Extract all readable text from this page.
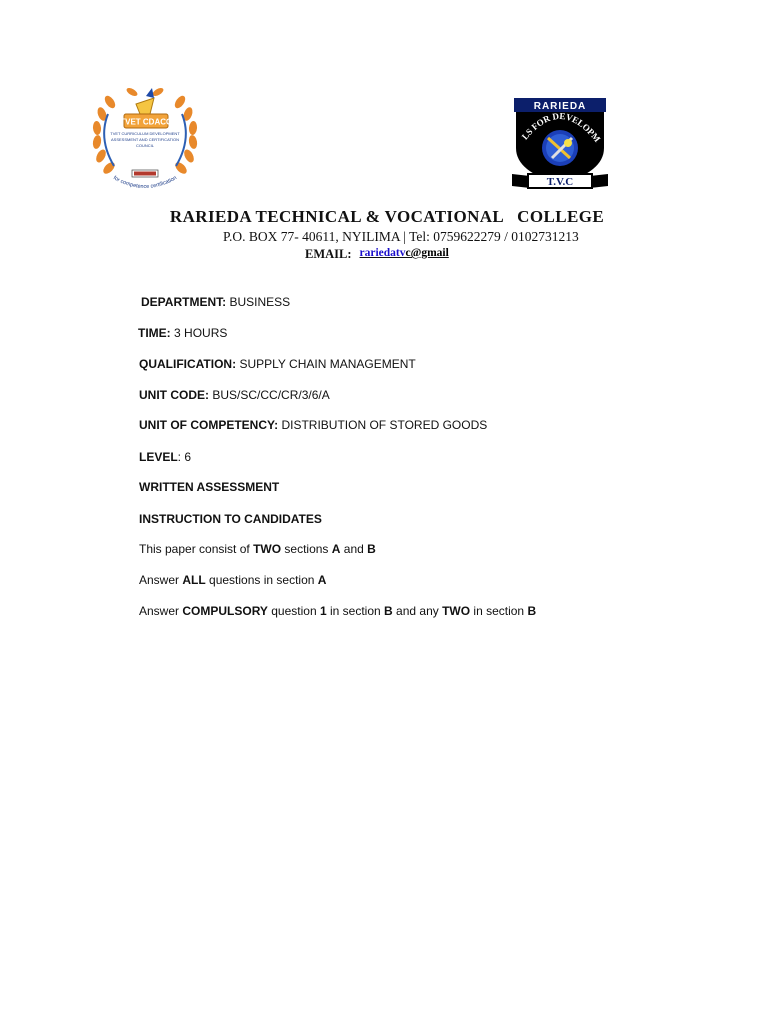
TVET CDACC
TVET CURRICULUM DEVELOPMENT
ASSESSMENT AND CERTIFICATION
COUNCIL
for competence certification
RARIEDA
LS FOR DEVELOPM
T.V.C
RARIEDA TECHNICAL & VOCATIONAL   COLLEGE
P.O. BOX 77- 40611, NYILIMA | Tel: 0759622279 / 0102731213
EMAIL: rariedatvc@gmail
DEPARTMENT: BUSINESS
TIME: 3 HOURS
QUALIFICATION: SUPPLY CHAIN MANAGEMENT
UNIT CODE: BUS/SC/CC/CR/3/6/A
UNIT OF COMPETENCY: DISTRIBUTION OF STORED GOODS
LEVEL: 6
WRITTEN ASSESSMENT
INSTRUCTION TO CANDIDATES
This paper consist of TWO sections A and B
Answer ALL questions in section A
Answer COMPULSORY question 1 in section B and any TWO in section B
